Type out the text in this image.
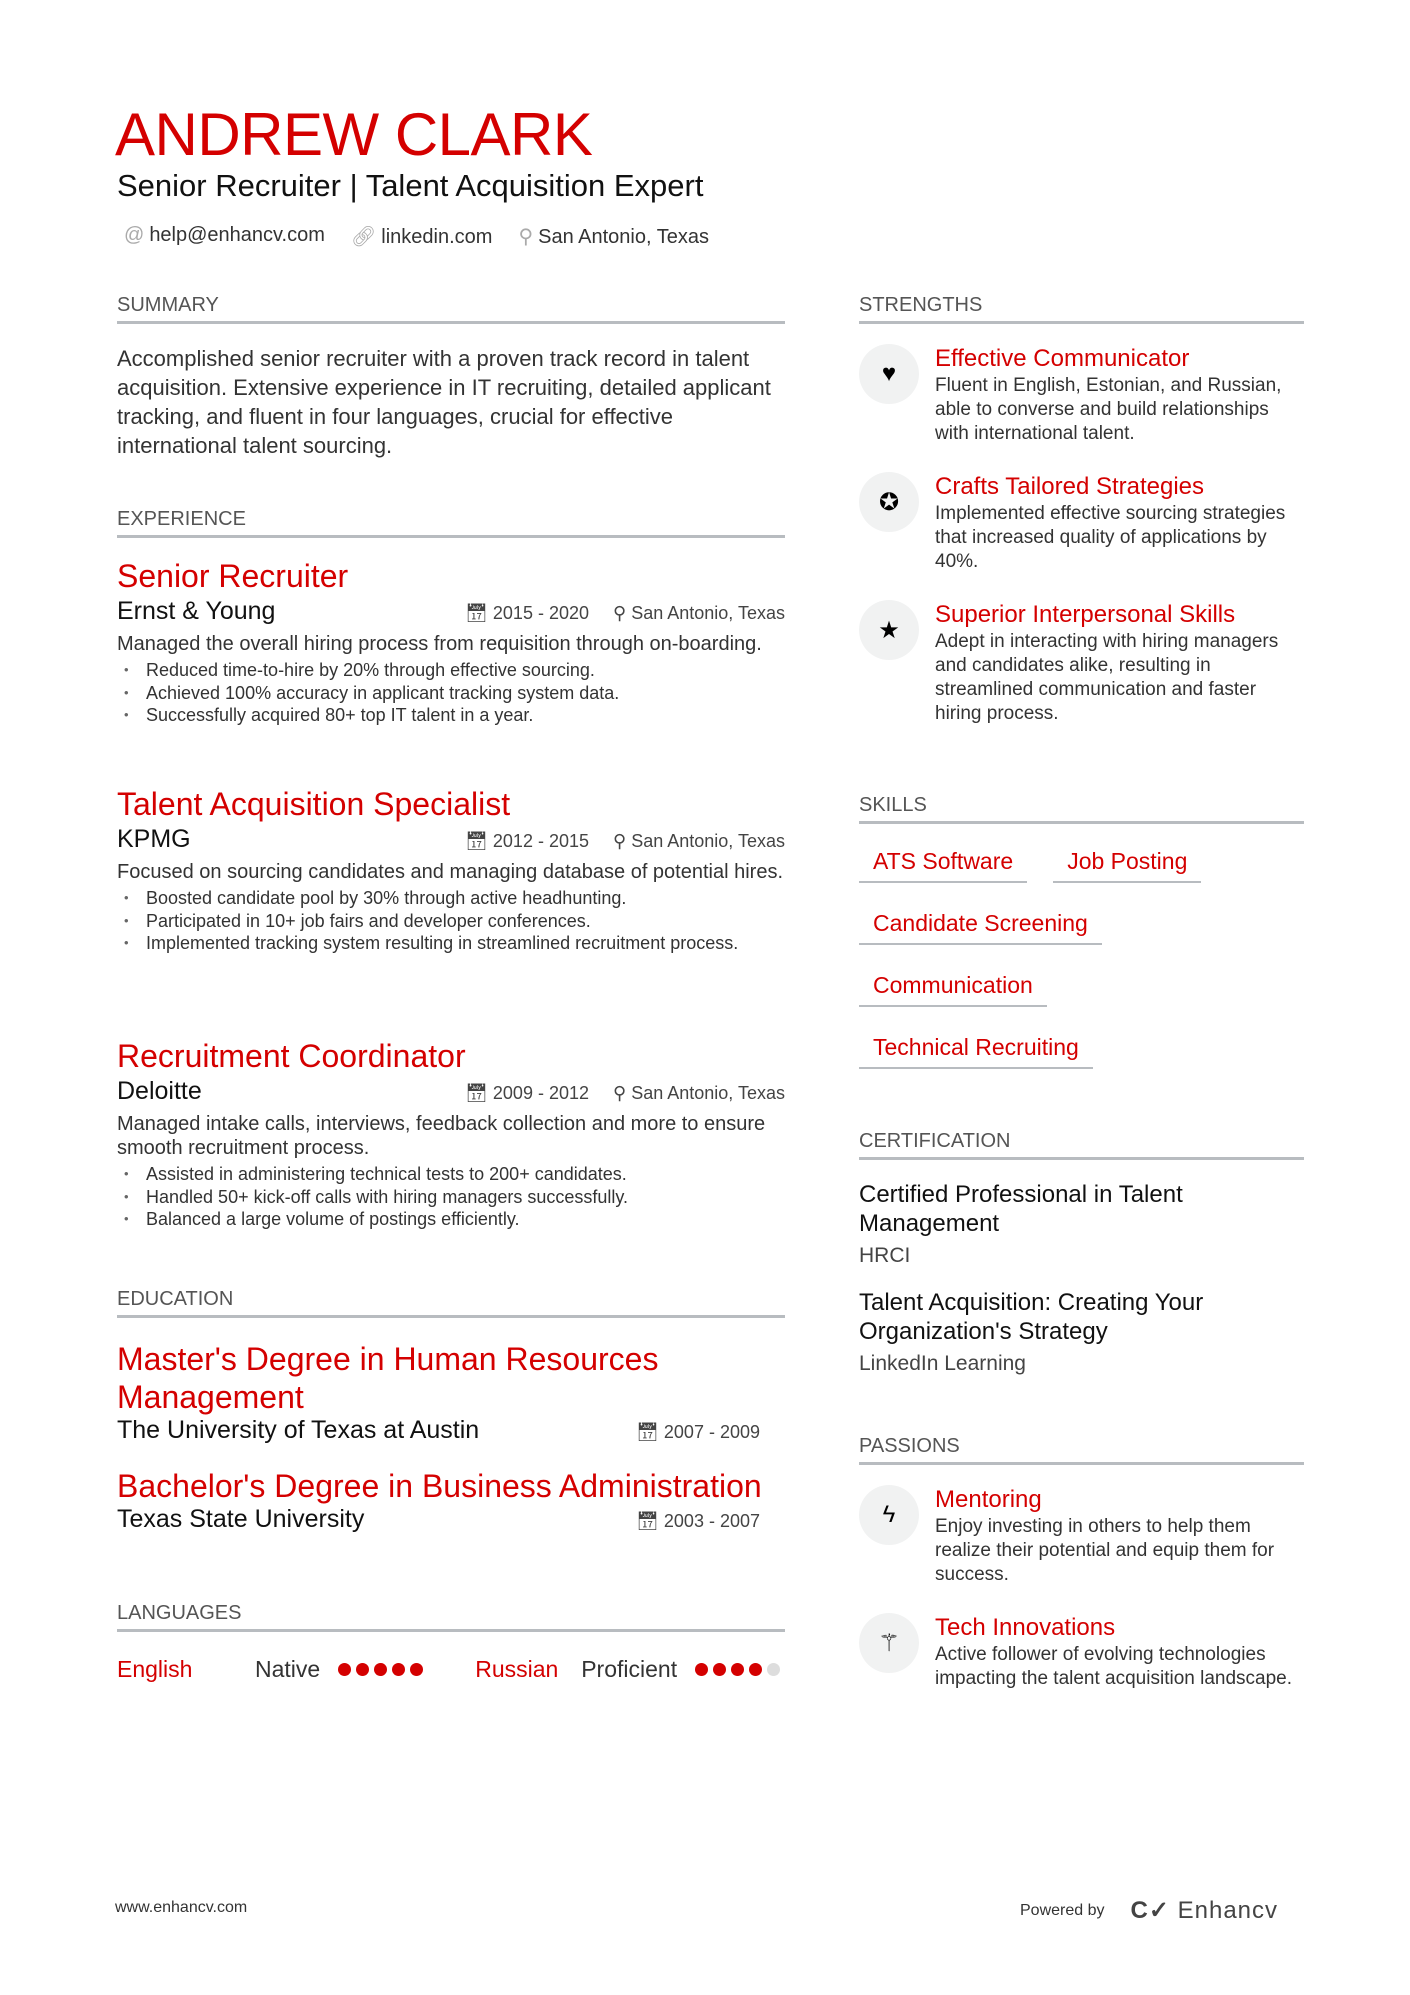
ANDREW CLARK
Senior Recruiter | Talent Acquisition Expert
@ help@enhancv.com 🔗︎ linkedin.com ⚲ San Antonio, Texas
SUMMARY
Accomplished senior recruiter with a proven track record in talent acquisition. Extensive experience in IT recruiting, detailed applicant tracking, and fluent in four languages, crucial for effective international talent sourcing.
EXPERIENCE
Senior Recruiter
Ernst & Young	📅︎ 2015 - 2020 ⚲ San Antonio, Texas
Managed the overall hiring process from requisition through on-boarding.
• Reduced time-to-hire by 20% through effective sourcing.
• Achieved 100% accuracy in applicant tracking system data.
• Successfully acquired 80+ top IT talent in a year.
Talent Acquisition Specialist
KPMG	📅︎ 2012 - 2015 ⚲ San Antonio, Texas
Focused on sourcing candidates and managing database of potential hires.
• Boosted candidate pool by 30% through active headhunting.
• Participated in 10+ job fairs and developer conferences.
• Implemented tracking system resulting in streamlined recruitment process.
Recruitment Coordinator
Deloitte	📅︎ 2009 - 2012 ⚲ San Antonio, Texas
Managed intake calls, interviews, feedback collection and more to ensure smooth recruitment process.
• Assisted in administering technical tests to 200+ candidates.
• Handled 50+ kick-off calls with hiring managers successfully.
• Balanced a large volume of postings efficiently.
EDUCATION
Master's Degree in Human Resources Management
The University of Texas at Austin	📅︎ 2007 - 2009
Bachelor's Degree in Business Administration
Texas State University	📅︎ 2003 - 2007
LANGUAGES
English	Native	Russian Proficient
STRENGTHS
♥
Effective Communicator
Fluent in English, Estonian, and Russian, able to converse and build relationships with international talent.
✪
Crafts Tailored Strategies
Implemented effective sourcing strategies that increased quality of applications by 40%.
★
Superior Interpersonal Skills
Adept in interacting with hiring managers and candidates alike, resulting in streamlined communication and faster hiring process.
SKILLS
ATS Software	Job Posting
Candidate Screening
Communication
Technical Recruiting
CERTIFICATION
Certified Professional in Talent Management
HRCI
Talent Acquisition: Creating Your Organization's Strategy
LinkedIn Learning
PASSIONS
ϟ
Mentoring
Enjoy investing in others to help them realize their potential and equip them for success.
⚚
Tech Innovations
Active follower of evolving technologies impacting the talent acquisition landscape.
www.enhancv.com	Powered by C✓ Enhancv
